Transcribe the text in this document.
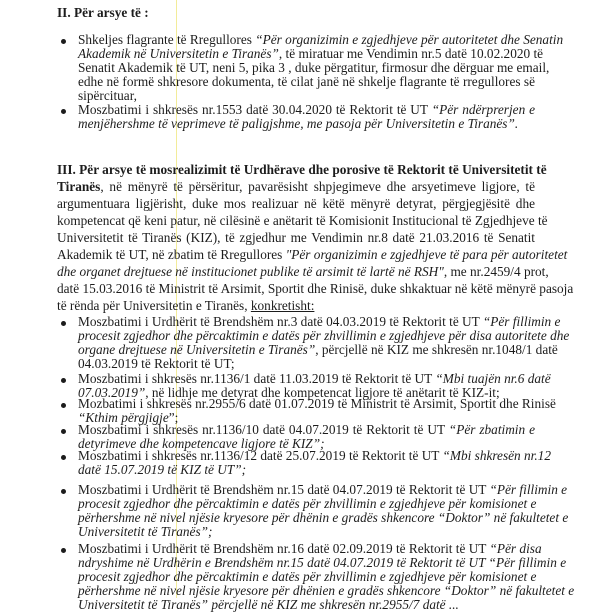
II. Për arsye të :
Shkeljes flagrante të Rregullores “Për organizimin e zgjedhjeve për autoritetet dhe Senatin
Akademik në Universitetin e Tiranës”, të miratuar me Vendimin nr.5 datë 10.02.2020 të
Senatit Akademik të UT, neni 5, pika 3 , duke përgatitur, firmosur dhe dërguar me email,
edhe në formë shkresore dokumenta, të cilat janë në shkelje flagrante të rregullores së
sipërcituar,
Moszbatimi i shkresës nr.1553 datë 30.04.2020 të Rektorit të UT “Për ndërprerjen e
menjëhershme të veprimeve të paligjshme, me pasoja për Universitetin e Tiranës”.
III. Për arsye të mosrealizimit të Urdhërave dhe porosive të Rektorit të Universitetit të
Tiranës, në mënyrë të përsëritur, pavarësisht shpjegimeve dhe arsyetimeve ligjore, të
argumentuara ligjërisht, duke mos realizuar në këtë mënyrë detyrat, përgjegjësitë dhe
kompetencat që keni patur, në cilësinë e anëtarit të Komisionit Institucional të Zgjedhjeve të
Universitetit të Tiranës (KIZ), të zgjedhur me Vendimin nr.8 datë 21.03.2016 të Senatit
Akademik të UT, në zbatim të Rregullores "Për organizimin e zgjedhjeve të para për autoritetet
dhe organet drejtuese në institucionet publike të arsimit të lartë në RSH", me nr.2459/4 prot,
datë 15.03.2016 të Ministrit të Arsimit, Sportit dhe Rinisë, duke shkaktuar në këtë mënyrë pasoja
të rënda për Universitetin e Tiranës, konkretisht:
Moszbatimi i Urdhërit të Brendshëm nr.3 datë 04.03.2019 të Rektorit të UT “Për fillimin e
procesit zgjedhor dhe përcaktimin e datës për zhvillimin e zgjedhjeve për disa autoritete dhe
organe drejtuese në Universitetin e Tiranës”, përcjellë në KIZ me shkresën nr.1048/1 datë
04.03.2019 të Rektorit të UT;
Moszbatimi i shkresës nr.1136/1 datë 11.03.2019 të Rektorit të UT “Mbi tuajën nr.6 datë
07.03.2019”, në lidhje me detyrat dhe kompetencat ligjore të anëtarit të KIZ-it;
Mozbatimi i shkresës nr.2955/6 datë 01.07.2019 të Ministrit të Arsimit, Sportit dhe Rinisë
“Kthim përgjigje”;
Moszbatimi i shkresës nr.1136/10 datë 04.07.2019 të Rektorit të UT “Për zbatimin e
detyrimeve dhe kompetencave ligjore të KIZ”;
Moszbatimi i shkresës nr.1136/12 datë 25.07.2019 të Rektorit të UT “Mbi shkresën nr.12
datë 15.07.2019 të KIZ të UT”;
Moszbatimi i Urdhërit të Brendshëm nr.15 datë 04.07.2019 të Rektorit të UT “Për fillimin e
procesit zgjedhor dhe përcaktimin e datës për zhvillimin e zgjedhjeve për komisionet e
përhershme në nivel njësie kryesore për dhënin e gradës shkencore “Doktor” në fakultetet e
Universitetit të Tiranës”;
Moszbatimi i Urdhërit të Brendshëm nr.16 datë 02.09.2019 të Rektorit të UT “Për disa
ndryshime në Urdhërin e Brendshëm nr.15 datë 04.07.2019 të Rektorit të UT “Për fillimin e
procesit zgjedhor dhe përcaktimin e datës për zhvillimin e zgjedhjeve për komisionet e
përhershme në nivel njësie kryesore për dhënien e gradës shkencore “Doktor” në fakultetet e
Universitetit të Tiranës” përcjellë në KIZ me shkresën nr.2955/7 datë ...
